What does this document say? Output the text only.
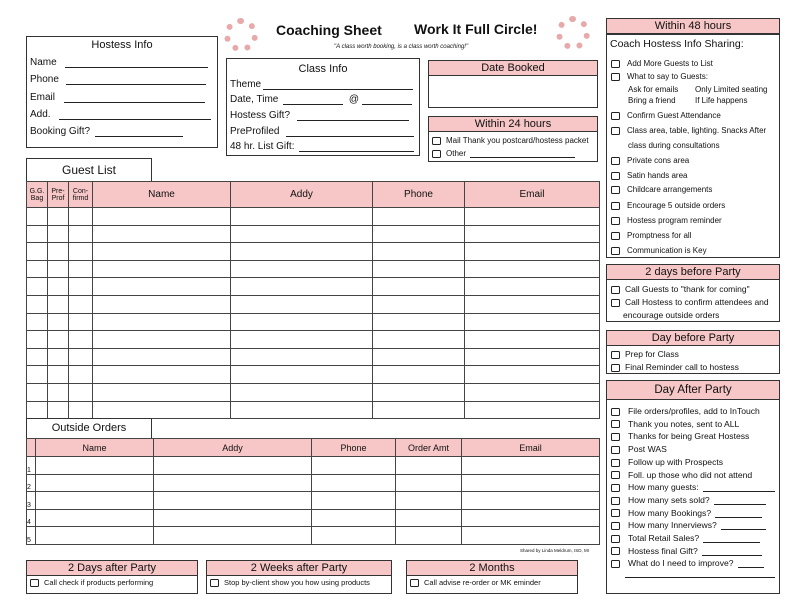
Coaching Sheet Work It Full Circle!
"A class worth booking, is a class worth coaching!"
Hostess Info
Name
Phone
Email
Add.
Booking Gift?
Class Info
Theme
Date, Time	@
Hostess Gift?
PreProfiled
48 hr. List Gift:
Date Booked
Within 24 hours
Mail Thank you postcard/hostess packet
Other
Guest List
G.G. Bag	Pre-Prof	Con-firmd	Name	Addy	Phone	Email

Outside Orders
	Name	Addy	Phone	Order Amt	Email
1					
2					
3					
4					
5					
Shared by Linda Meldrum, ISD, MI
2 Days after Party
Call check if products performing
2 Weeks after Party
Stop by-client show you how using products
2 Months
Call advise re-order or MK eminder
Within 48 hours
Coach Hostess Info Sharing:
Add More Guests to List
What to say to Guests:
Confirm Guest Attendance
Class area, table, lighting. Snacks After
Private cons area
Satin hands area
Childcare arrangements
Encourage 5 outside orders
Hostess program reminder
Promptness for all
Communication is Key
Ask for emails Only Limited seating
Bring a friend If Life happens
class during consultations
2 days before Party
Call Guests to "thank for coming"
Call Hostess to confirm attendees and
encourage outside orders
Day before Party
Prep for Class
Final Reminder call to hostess
Day After Party
File orders/profiles, add to InTouch
Thank you notes, sent to ALL
Thanks for being Great Hostess
Post WAS
Follow up with Prospects
Foll. up those who did not attend
How many guests:
How many sets sold?
How many Bookings?
How many Innerviews?
Total Retail Sales?
Hostess final Gift?
What do I need to improve?
